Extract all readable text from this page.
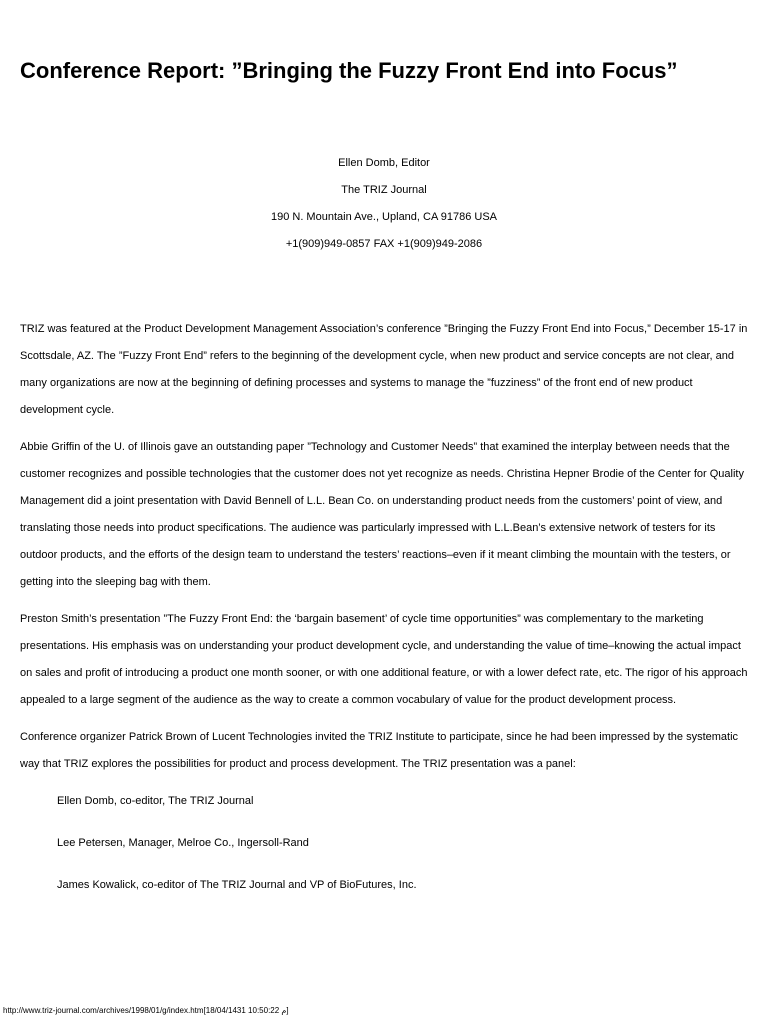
Conference Report: ”Bringing the Fuzzy Front End into Focus”
Ellen Domb, Editor
The TRIZ Journal
190 N. Mountain Ave., Upland, CA 91786 USA
+1(909)949-0857 FAX +1(909)949-2086

TRIZ was featured at the Product Development Management Association’s conference ”Bringing the Fuzzy Front End into Focus,” December 15-17 in Scottsdale, AZ. The ”Fuzzy Front End” refers to the beginning of the development cycle, when new product and service concepts are not clear, and many organizations are now at the beginning of defining processes and systems to manage the ”fuzziness” of the front end of new product development cycle.

Abbie Griffin of the U. of Illinois gave an outstanding paper ”Technology and Customer Needs” that examined the interplay between needs that the customer recognizes and possible technologies that the customer does not yet recognize as needs. Christina Hepner Brodie of the Center for Quality Management did a joint presentation with David Bennell of L.L. Bean Co. on understanding product needs from the customers’ point of view, and translating those needs into product specifications. The audience was particularly impressed with L.L.Bean’s extensive network of testers for its outdoor products, and the efforts of the design team to understand the testers’ reactions–even if it meant climbing the mountain with the testers, or getting into the sleeping bag with them.

Preston Smith’s presentation ”The Fuzzy Front End: the ‘bargain basement’ of cycle time opportunities” was complementary to the marketing presentations. His emphasis was on understanding your product development cycle, and understanding the value of time–knowing the actual impact on sales and profit of introducing a product one month sooner, or with one additional feature, or with a lower defect rate, etc. The rigor of his approach appealed to a large segment of the audience as the way to create a common vocabulary of value for the product development process.

Conference organizer Patrick Brown of Lucent Technologies invited the TRIZ Institute to participate, since he had been impressed by the systematic way that TRIZ explores the possibilities for product and process development. The TRIZ presentation was a panel:

Ellen Domb, co-editor, The TRIZ Journal
Lee Petersen, Manager, Melroe Co., Ingersoll-Rand
James Kowalick, co-editor of The TRIZ Journal and VP of BioFutures, Inc.
http://www.triz-journal.com/archives/1998/01/g/index.htm[م 10:50:22 18/04/1431]
